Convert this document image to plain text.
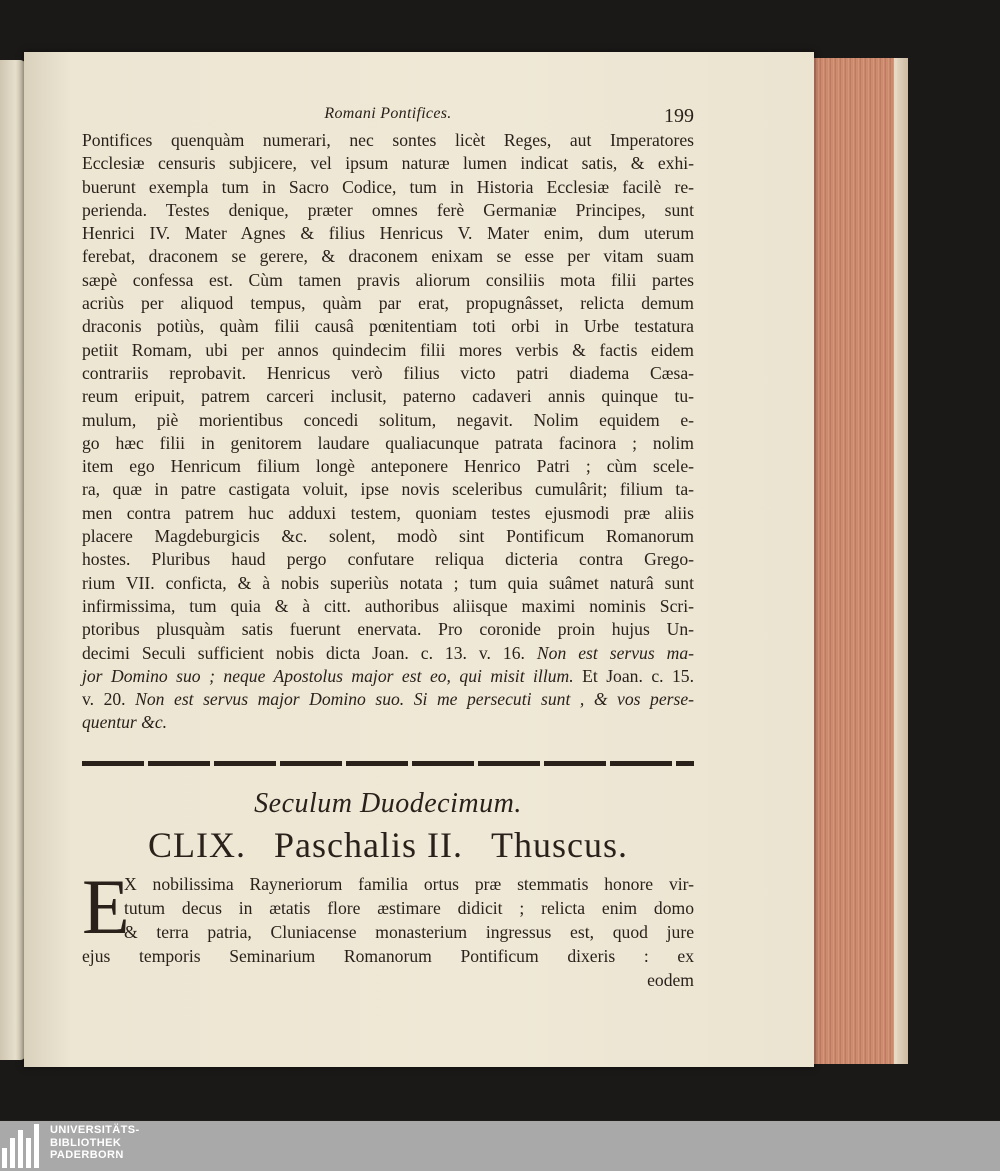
Romani Pontifices.	199
Pontifices quenquàm numerari, nec sontes licèt Reges, aut Imperatores
Ecclesiæ censuris subjicere, vel ipsum naturæ lumen indicat satis, & exhi-
buerunt exempla tum in Sacro Codice, tum in Historia Ecclesiæ facilè re-
perienda. Testes denique, præter omnes ferè Germaniæ Principes, sunt
Henrici IV. Mater Agnes & filius Henricus V. Mater enim, dum uterum
ferebat, draconem se gerere, & draconem enixam se esse per vitam suam
sæpè confessa est. Cùm tamen pravis aliorum consiliis mota filii partes
acriùs per aliquod tempus, quàm par erat, propugnâsset, relicta demum
draconis potiùs, quàm filii causâ pœnitentiam toti orbi in Urbe testatura
petiit Romam, ubi per annos quindecim filii mores verbis & factis eidem
contrariis reprobavit. Henricus verò filius victo patri diadema Cæsa-
reum eripuit, patrem carceri inclusit, paterno cadaveri annis quinque tu-
mulum, piè morientibus concedi solitum, negavit. Nolim equidem e-
go hæc filii in genitorem laudare qualiacunque patrata facinora ; nolim
item ego Henricum filium longè anteponere Henrico Patri ; cùm scele-
ra, quæ in patre castigata voluit, ipse novis sceleribus cumulârit; filium ta-
men contra patrem huc adduxi testem, quoniam testes ejusmodi præ aliis
placere Magdeburgicis &c. solent, modò sint Pontificum Romanorum
hostes. Pluribus haud pergo confutare reliqua dicteria contra Grego-
rium VII. conficta, & à nobis superiùs notata ; tum quia suâmet naturâ sunt
infirmissima, tum quia & à citt. authoribus aliisque maximi nominis Scri-
ptoribus plusquàm satis fuerunt enervata. Pro coronide proin hujus Un-
decimi Seculi sufficient nobis dicta Joan. c. 13. v. 16. Non est servus ma-
jor Domino suo ; neque Apostolus major est eo, qui misit illum. Et Joan. c. 15.
v. 20. Non est servus major Domino suo. Si me persecuti sunt , & vos perse-
quentur &c.
Seculum Duodecimum.
CLIX. Paschalis II. Thuscus.
E
X nobilissima Rayneriorum familia ortus præ stemmatis honore vir-
tutum decus in ætatis flore æstimare didicit ; relicta enim domo
& terra patria, Cluniacense monasterium ingressus est, quod jure
ejus temporis Seminarium Romanorum Pontificum dixeris : ex
eodem
UNIVERSITÄTS-
BIBLIOTHEK
PADERBORN
